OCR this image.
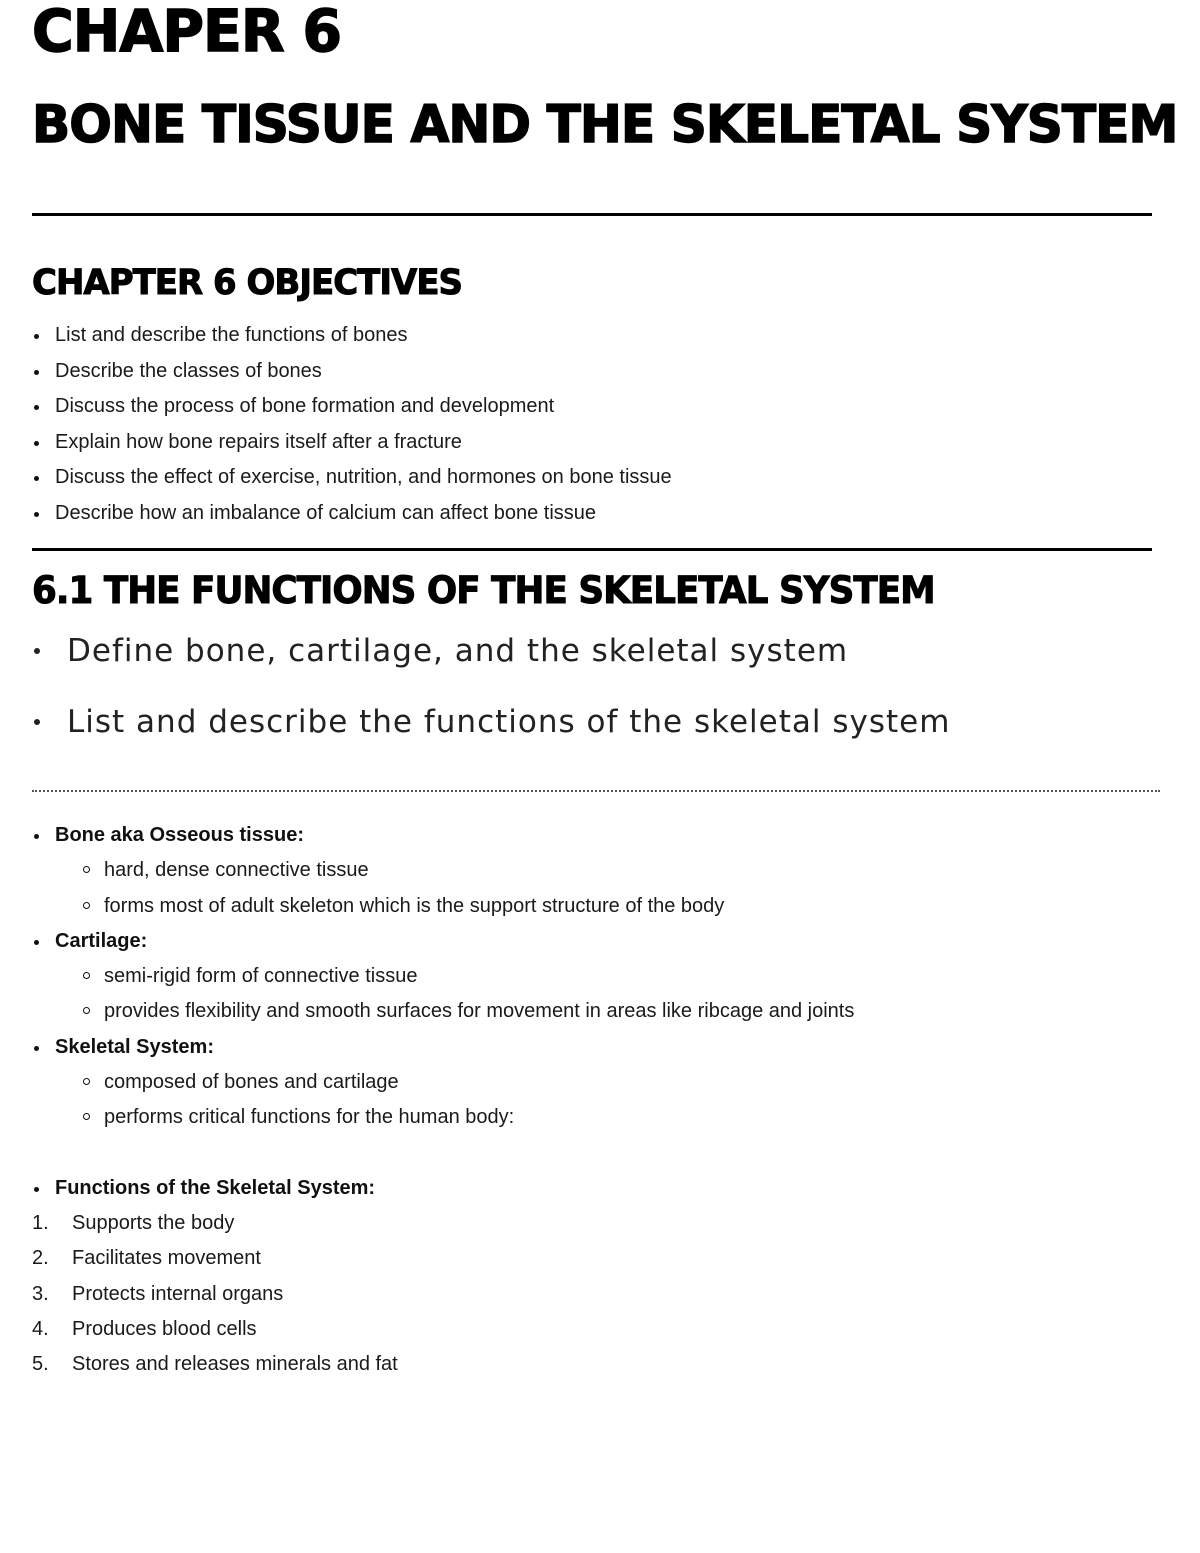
CHAPER 6
BONE TISSUE AND THE SKELETAL SYSTEM
CHAPTER 6 OBJECTIVES
List and describe the functions of bones
Describe the classes of bones
Discuss the process of bone formation and development
Explain how bone repairs itself after a fracture
Discuss the effect of exercise, nutrition, and hormones on bone tissue
Describe how an imbalance of calcium can affect bone tissue
6.1 THE FUNCTIONS OF THE SKELETAL SYSTEM
Define bone, cartilage, and the skeletal system
List and describe the functions of the skeletal system
Bone aka Osseous tissue:
hard, dense connective tissue
forms most of adult skeleton which is the support structure of the body
Cartilage:
semi-rigid form of connective tissue
provides flexibility and smooth surfaces for movement in areas like ribcage and joints
Skeletal System:
composed of bones and cartilage
performs critical functions for the human body:
Functions of the Skeletal System:
1. Supports the body
2. Facilitates movement
3. Protects internal organs
4. Produces blood cells
5. Stores and releases minerals and fat
